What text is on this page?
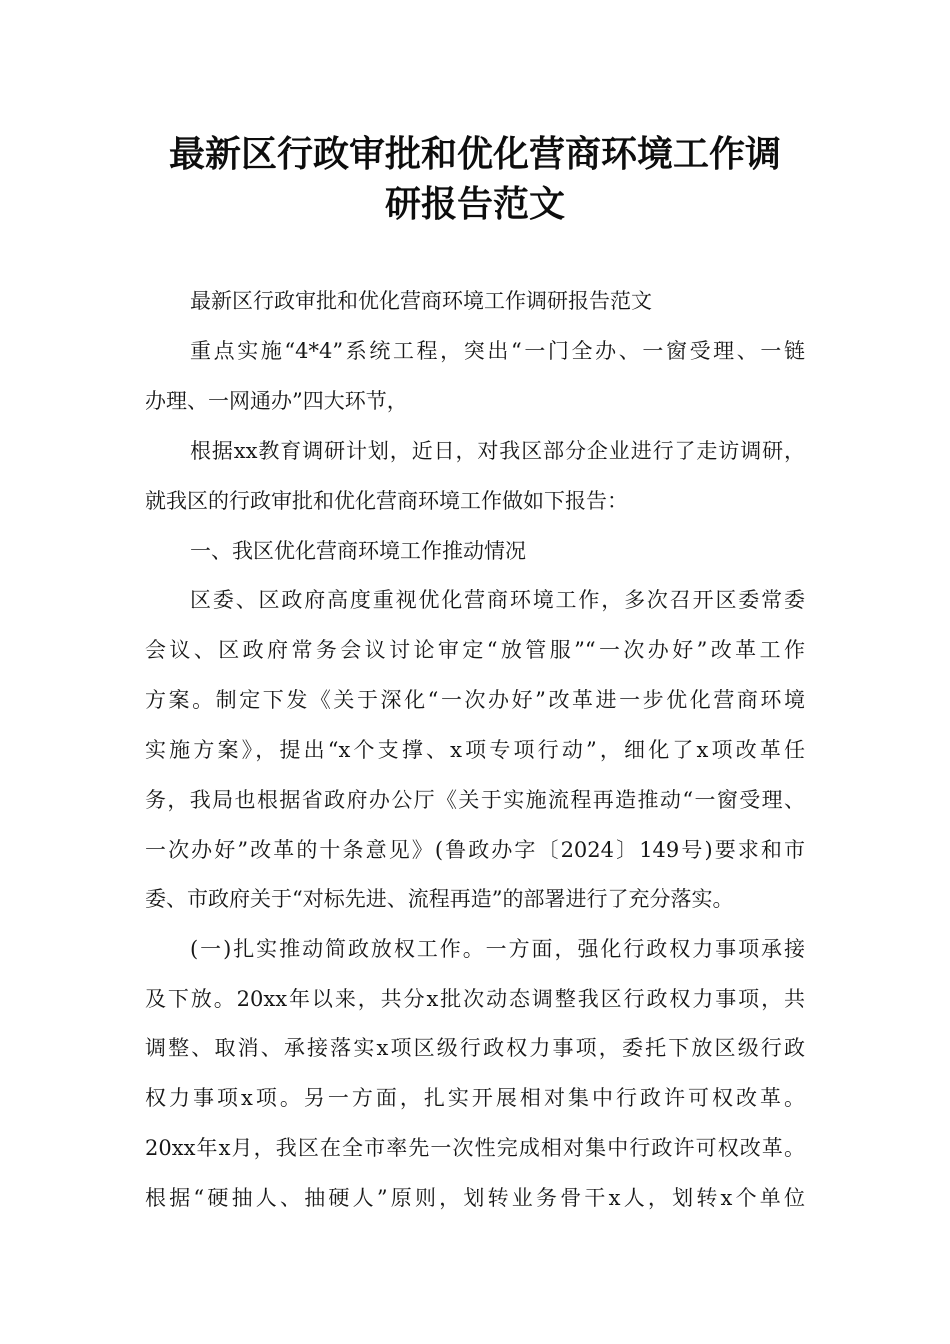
最新区行政审批和优化营商环境工作调
研报告范文
最新区行政审批和优化营商环境工作调研报告范文
重点实施“4*4”系统工程，突出“一门全办、一窗受理、一链
办理、一网通办”四大环节，
根据xx教育调研计划，近日，对我区部分企业进行了走访调研，
就我区的行政审批和优化营商环境工作做如下报告：
一、我区优化营商环境工作推动情况
区委、区政府高度重视优化营商环境工作，多次召开区委常委
会议、区政府常务会议讨论审定“放管服”“一次办好”改革工作
方案。制定下发《关于深化“一次办好”改革进一步优化营商环境
实施方案》，提出“x个支撑、x项专项行动”，细化了x项改革任
务，我局也根据省政府办公厅《关于实施流程再造推动“一窗受理、
一次办好”改革的十条意见》(鲁政办字〔2024〕149号)要求和市
委、市政府关于“对标先进、流程再造”的部署进行了充分落实。
(一)扎实推动简政放权工作。一方面，强化行政权力事项承接
及下放。20xx年以来，共分x批次动态调整我区行政权力事项，共
调整、取消、承接落实x项区级行政权力事项，委托下放区级行政
权力事项x项。另一方面，扎实开展相对集中行政许可权改革。
20xx年x月，我区在全市率先一次性完成相对集中行政许可权改革。
根据“硬抽人、抽硬人”原则，划转业务骨干x人，划转x个单位
